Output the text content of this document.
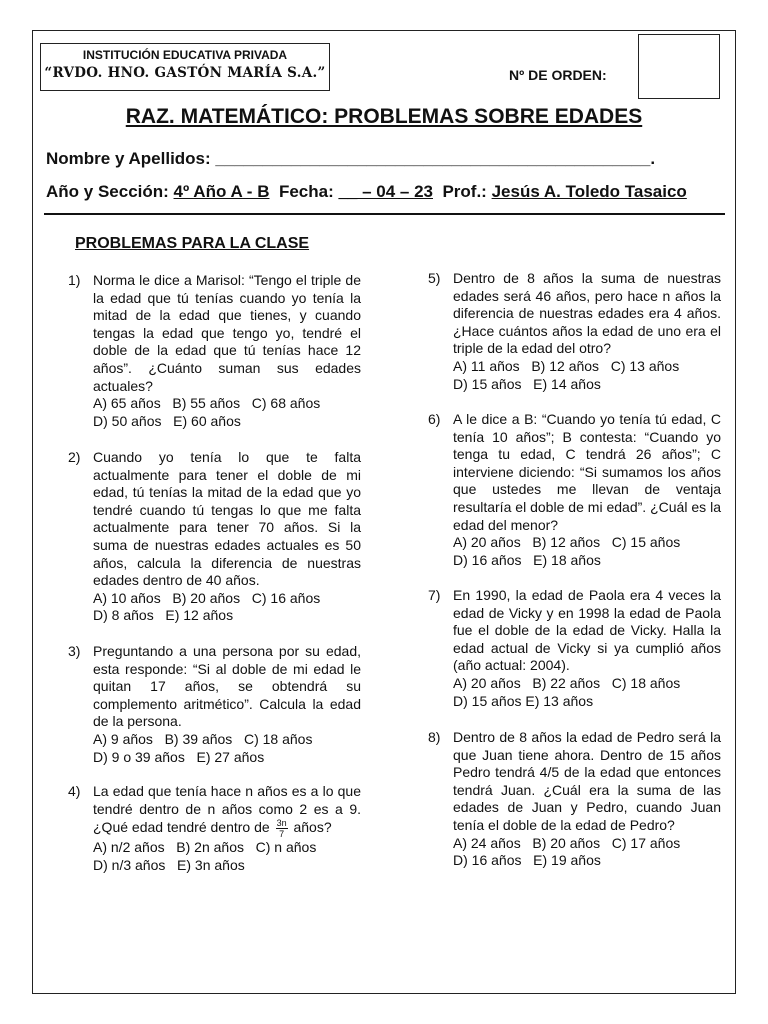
INSTITUCIÓN EDUCATIVA PRIVADA
“RVDO. HNO. GASTÓN MARÍA S.A.”	Nº DE ORDEN:
RAZ. MATEMÁTICO: PROBLEMAS SOBRE EDADES
Nombre y Apellidos: ______________________________________________.
Año y Sección: 4º Año A - B Fecha: __ – 04 – 23 Prof.: Jesús A. Toledo Tasaico
PROBLEMAS PARA LA CLASE
1) Norma le dice a Marisol: “Tengo el triple de la edad que tú tenías cuando yo tenía la mitad de la edad que tienes, y cuando tengas la edad que tengo yo, tendré el doble de la edad que tú tenías hace 12 años”. ¿Cuánto suman sus edades actuales?
A) 65 años   B) 55 años   C) 68 años
D) 50 años   E) 60 años
2) Cuando yo tenía lo que te falta actualmente para tener el doble de mi edad, tú tenías la mitad de la edad que yo tendré cuando tú tengas lo que me falta actualmente para tener 70 años. Si la suma de nuestras edades actuales es 50 años, calcula la diferencia de nuestras edades dentro de 40 años.
A) 10 años   B) 20 años   C) 16 años
D) 8 años   E) 12 años
3) Preguntando a una persona por su edad, esta responde: “Si al doble de mi edad le quitan 17 años, se obtendrá su complemento aritmético”. Calcula la edad de la persona.
A) 9 años   B) 39 años   C) 18 años
D) 9 o 39 años   E) 27 años
4) La edad que tenía hace n años es a lo que tendré dentro de n años como 2 es a 9. ¿Qué edad tendré dentro de $\frac{3n}{7}$ años?
A) n/2 años   B) 2n años   C) n años
D) n/3 años   E) 3n años
5) Dentro de 8 años la suma de nuestras edades será 46 años, pero hace n años la diferencia de nuestras edades era 4 años. ¿Hace cuántos años la edad de uno era el triple de la edad del otro?
A) 11 años   B) 12 años   C) 13 años
D) 15 años   E) 14 años
6) A le dice a B: “Cuando yo tenía tú edad, C tenía 10 años”; B contesta: “Cuando yo tenga tu edad, C tendrá 26 años”; C interviene diciendo: “Si sumamos los años que ustedes me llevan de ventaja resultaría el doble de mi edad”. ¿Cuál es la edad del menor?
A) 20 años   B) 12 años   C) 15 años
D) 16 años   E) 18 años
7) En 1990, la edad de Paola era 4 veces la edad de Vicky y en 1998 la edad de Paola fue el doble de la edad de Vicky. Halla la edad actual de Vicky si ya cumplió años (año actual: 2004).
A) 20 años   B) 22 años   C) 18 años
D) 15 años E) 13 años
8) Dentro de 8 años la edad de Pedro será la que Juan tiene ahora. Dentro de 15 años Pedro tendrá 4/5 de la edad que entonces tendrá Juan. ¿Cuál era la suma de las edades de Juan y Pedro, cuando Juan tenía el doble de la edad de Pedro?
A) 24 años   B) 20 años   C) 17 años
D) 16 años   E) 19 años
